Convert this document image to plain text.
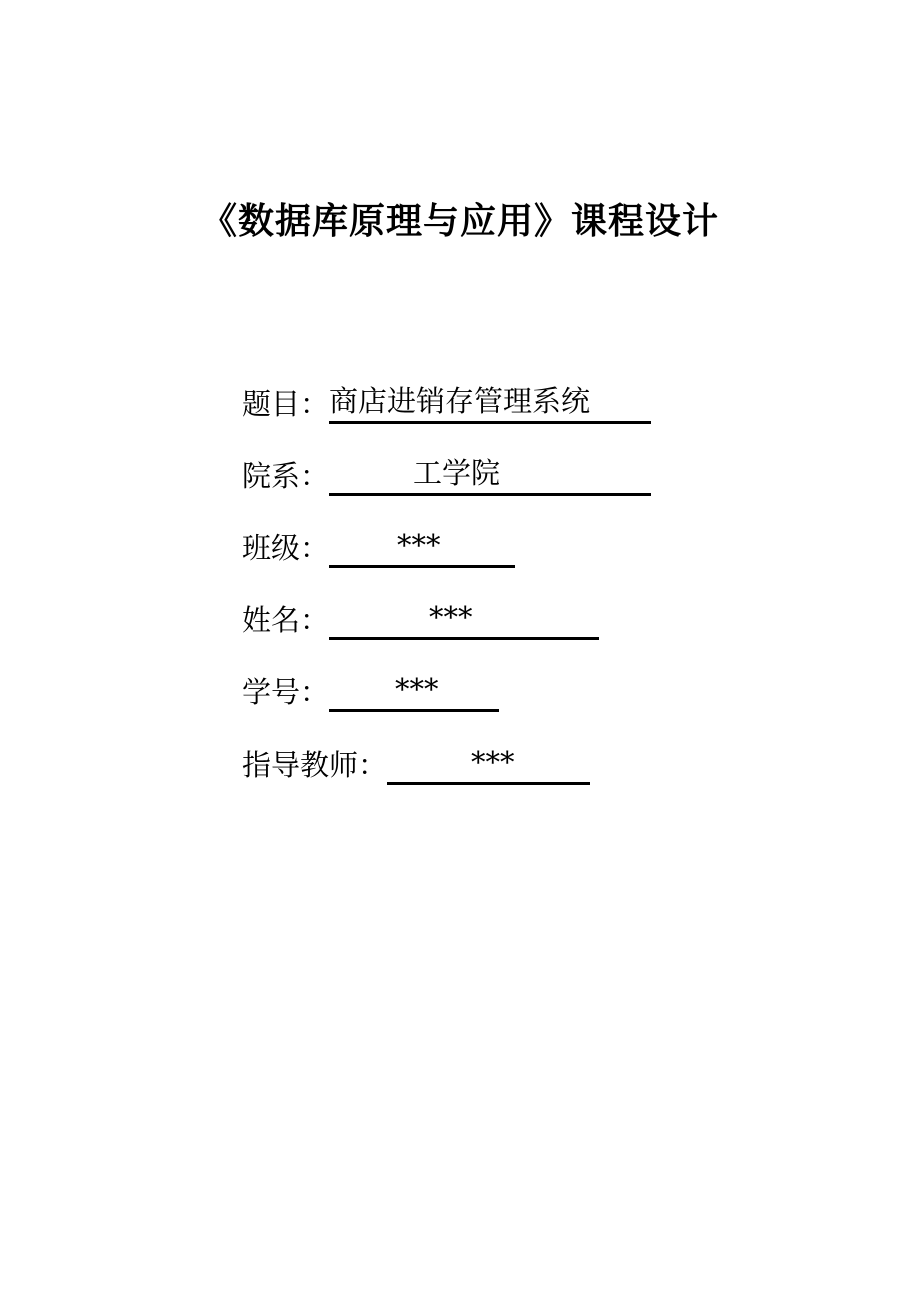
《数据库原理与应用》课程设计
题目： 商店进销存管理系统
院系：	工学院
班级： ***
姓名：	***
学号： ***
指导教师：	***
